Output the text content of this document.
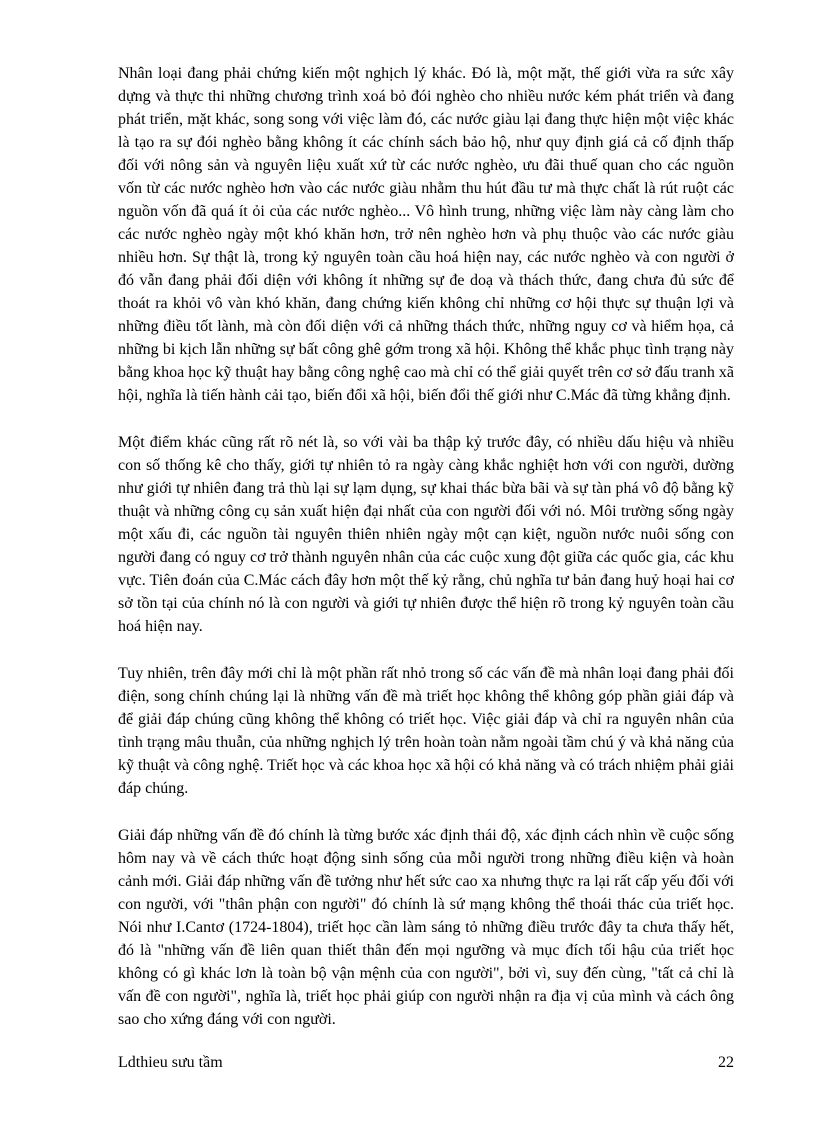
Nhân loại đang phải chứng kiến một nghịch lý khác. Đó là, một mặt, thế giới vừa ra sức xây dựng và thực thi những chương trình xoá bỏ đói nghèo cho nhiều nước kém phát triển và đang phát triển, mặt khác, song song với việc làm đó, các nước giàu lại đang thực hiện một việc khác là tạo ra sự đói nghèo bằng không ít các chính sách bảo hộ, như quy định giá cả cố định thấp đối với nông sản và nguyên liệu xuất xứ từ các nước nghèo, ưu đãi thuế quan cho các nguồn vốn từ các nước nghèo hơn vào các nước giàu nhằm thu hút đầu tư mà thực chất là rút ruột các nguồn vốn đã quá ít ỏi của các nước nghèo... Vô hình trung, những việc làm này càng làm cho các nước nghèo ngày một khó khăn hơn, trở nên nghèo hơn và phụ thuộc vào các nước giàu nhiều hơn. Sự thật là, trong kỷ nguyên toàn cầu hoá hiện nay, các nước nghèo và con người ở đó vẫn đang phải đối diện với không ít những sự đe doạ và thách thức, đang chưa đủ sức để thoát ra khỏi vô vàn khó khăn, đang chứng kiến không chỉ những cơ hội thực sự thuận lợi và những điều tốt lành, mà còn đối diện với cả những thách thức, những nguy cơ và hiểm họa, cả những bi kịch lẫn những sự bất công ghê gớm trong xã hội. Không thể khắc phục tình trạng này bằng khoa học kỹ thuật hay bằng công nghệ cao mà chỉ có thể giải quyết trên cơ sở đấu tranh xã hội, nghĩa là tiến hành cải tạo, biến đổi xã hội, biến đổi thế giới như C.Mác đã từng khẳng định.

Một điểm khác cũng rất rõ nét là, so với vài ba thập kỷ trước đây, có nhiều dấu hiệu và nhiều con số thống kê cho thấy, giới tự nhiên tỏ ra ngày càng khắc nghiệt hơn với con người, dường như giới tự nhiên đang trả thù lại sự lạm dụng, sự khai thác bừa bãi và sự tàn phá vô độ bằng kỹ thuật và những công cụ sản xuất hiện đại nhất của con người đối với nó. Môi trường sống ngày một xấu đi, các nguồn tài nguyên thiên nhiên ngày một cạn kiệt, nguồn nước nuôi sống con người đang có nguy cơ trở thành nguyên nhân của các cuộc xung đột giữa các quốc gia, các khu vực. Tiên đoán của C.Mác cách đây hơn một thế kỷ rằng, chủ nghĩa tư bản đang huỷ hoại hai cơ sở tồn tại của chính nó là con người và giới tự nhiên được thể hiện rõ trong kỷ nguyên toàn cầu hoá hiện nay.

Tuy nhiên, trên đây mới chỉ là một phần rất nhỏ trong số các vấn đề mà nhân loại đang phải đối điện, song chính chúng lại là những vấn đề mà triết học không thể không góp phần giải đáp và để giải đáp chúng cũng không thể không có triết học. Việc giải đáp và chỉ ra nguyên nhân của tình trạng mâu thuẫn, của những nghịch lý trên hoàn toàn nằm ngoài tầm chú ý và khả năng của kỹ thuật và công nghệ. Triết học và các khoa học xã hội có khả năng và có trách nhiệm phải giải đáp chúng.

Giải đáp những vấn đề đó chính là từng bước xác định thái độ, xác định cách nhìn về cuộc sống hôm nay và về cách thức hoạt động sinh sống của mỗi người trong những điều kiện và hoàn cảnh mới. Giải đáp những vấn đề tưởng như hết sức cao xa nhưng thực ra lại rất cấp yếu đối với con người, với "thân phận con người" đó chính là sứ mạng không thể thoái thác của triết học. Nói như I.Cantơ (1724-1804), triết học cần làm sáng tỏ những điều trước đây ta chưa thấy hết, đó là "những vấn đề liên quan thiết thân đến mọi ngưỡng và mục đích tối hậu của triết học không có gì khác lơn là toàn bộ vận mệnh của con người", bởi vì, suy đến cùng, "tất cả chỉ là vấn đề con người", nghĩa là, triết học phải giúp con người nhận ra địa vị của mình và cách ông sao cho xứng đáng với con người.

Ldthieu sưu tầm	22
